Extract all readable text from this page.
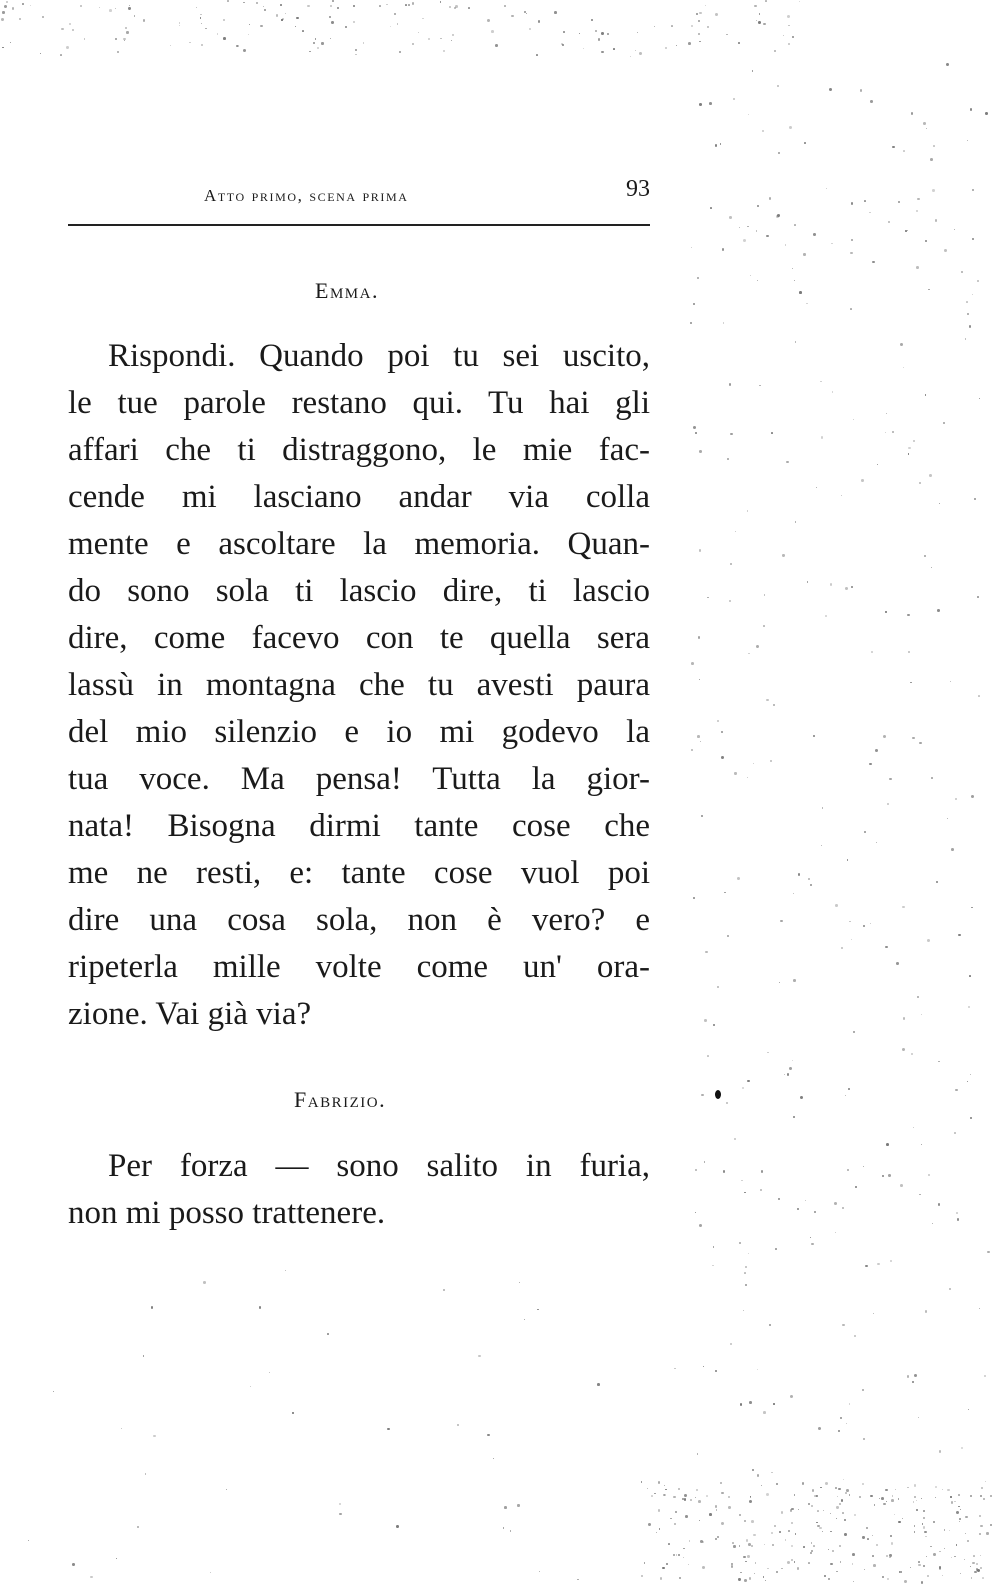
Atto primo, scena prima	93
Emma.
Rispondi. Quando poi tu sei uscito,
le tue parole restano qui. Tu hai gli
affari che ti distraggono, le mie fac-
cende mi lasciano andar via colla
mente e ascoltare la memoria. Quan-
do sono sola ti lascio dire, ti lascio
dire, come facevo con te quella sera
lassù in montagna che tu avesti paura
del mio silenzio e io mi godevo la
tua voce. Ma pensa! Tutta la gior-
nata! Bisogna dirmi tante cose che
me ne resti, e: tante cose vuol poi
dire una cosa sola, non è vero? e
ripeterla mille volte come un' ora-
zione. Vai già via?
Fabrizio.
Per forza — sono salito in furia,
non mi posso trattenere.
